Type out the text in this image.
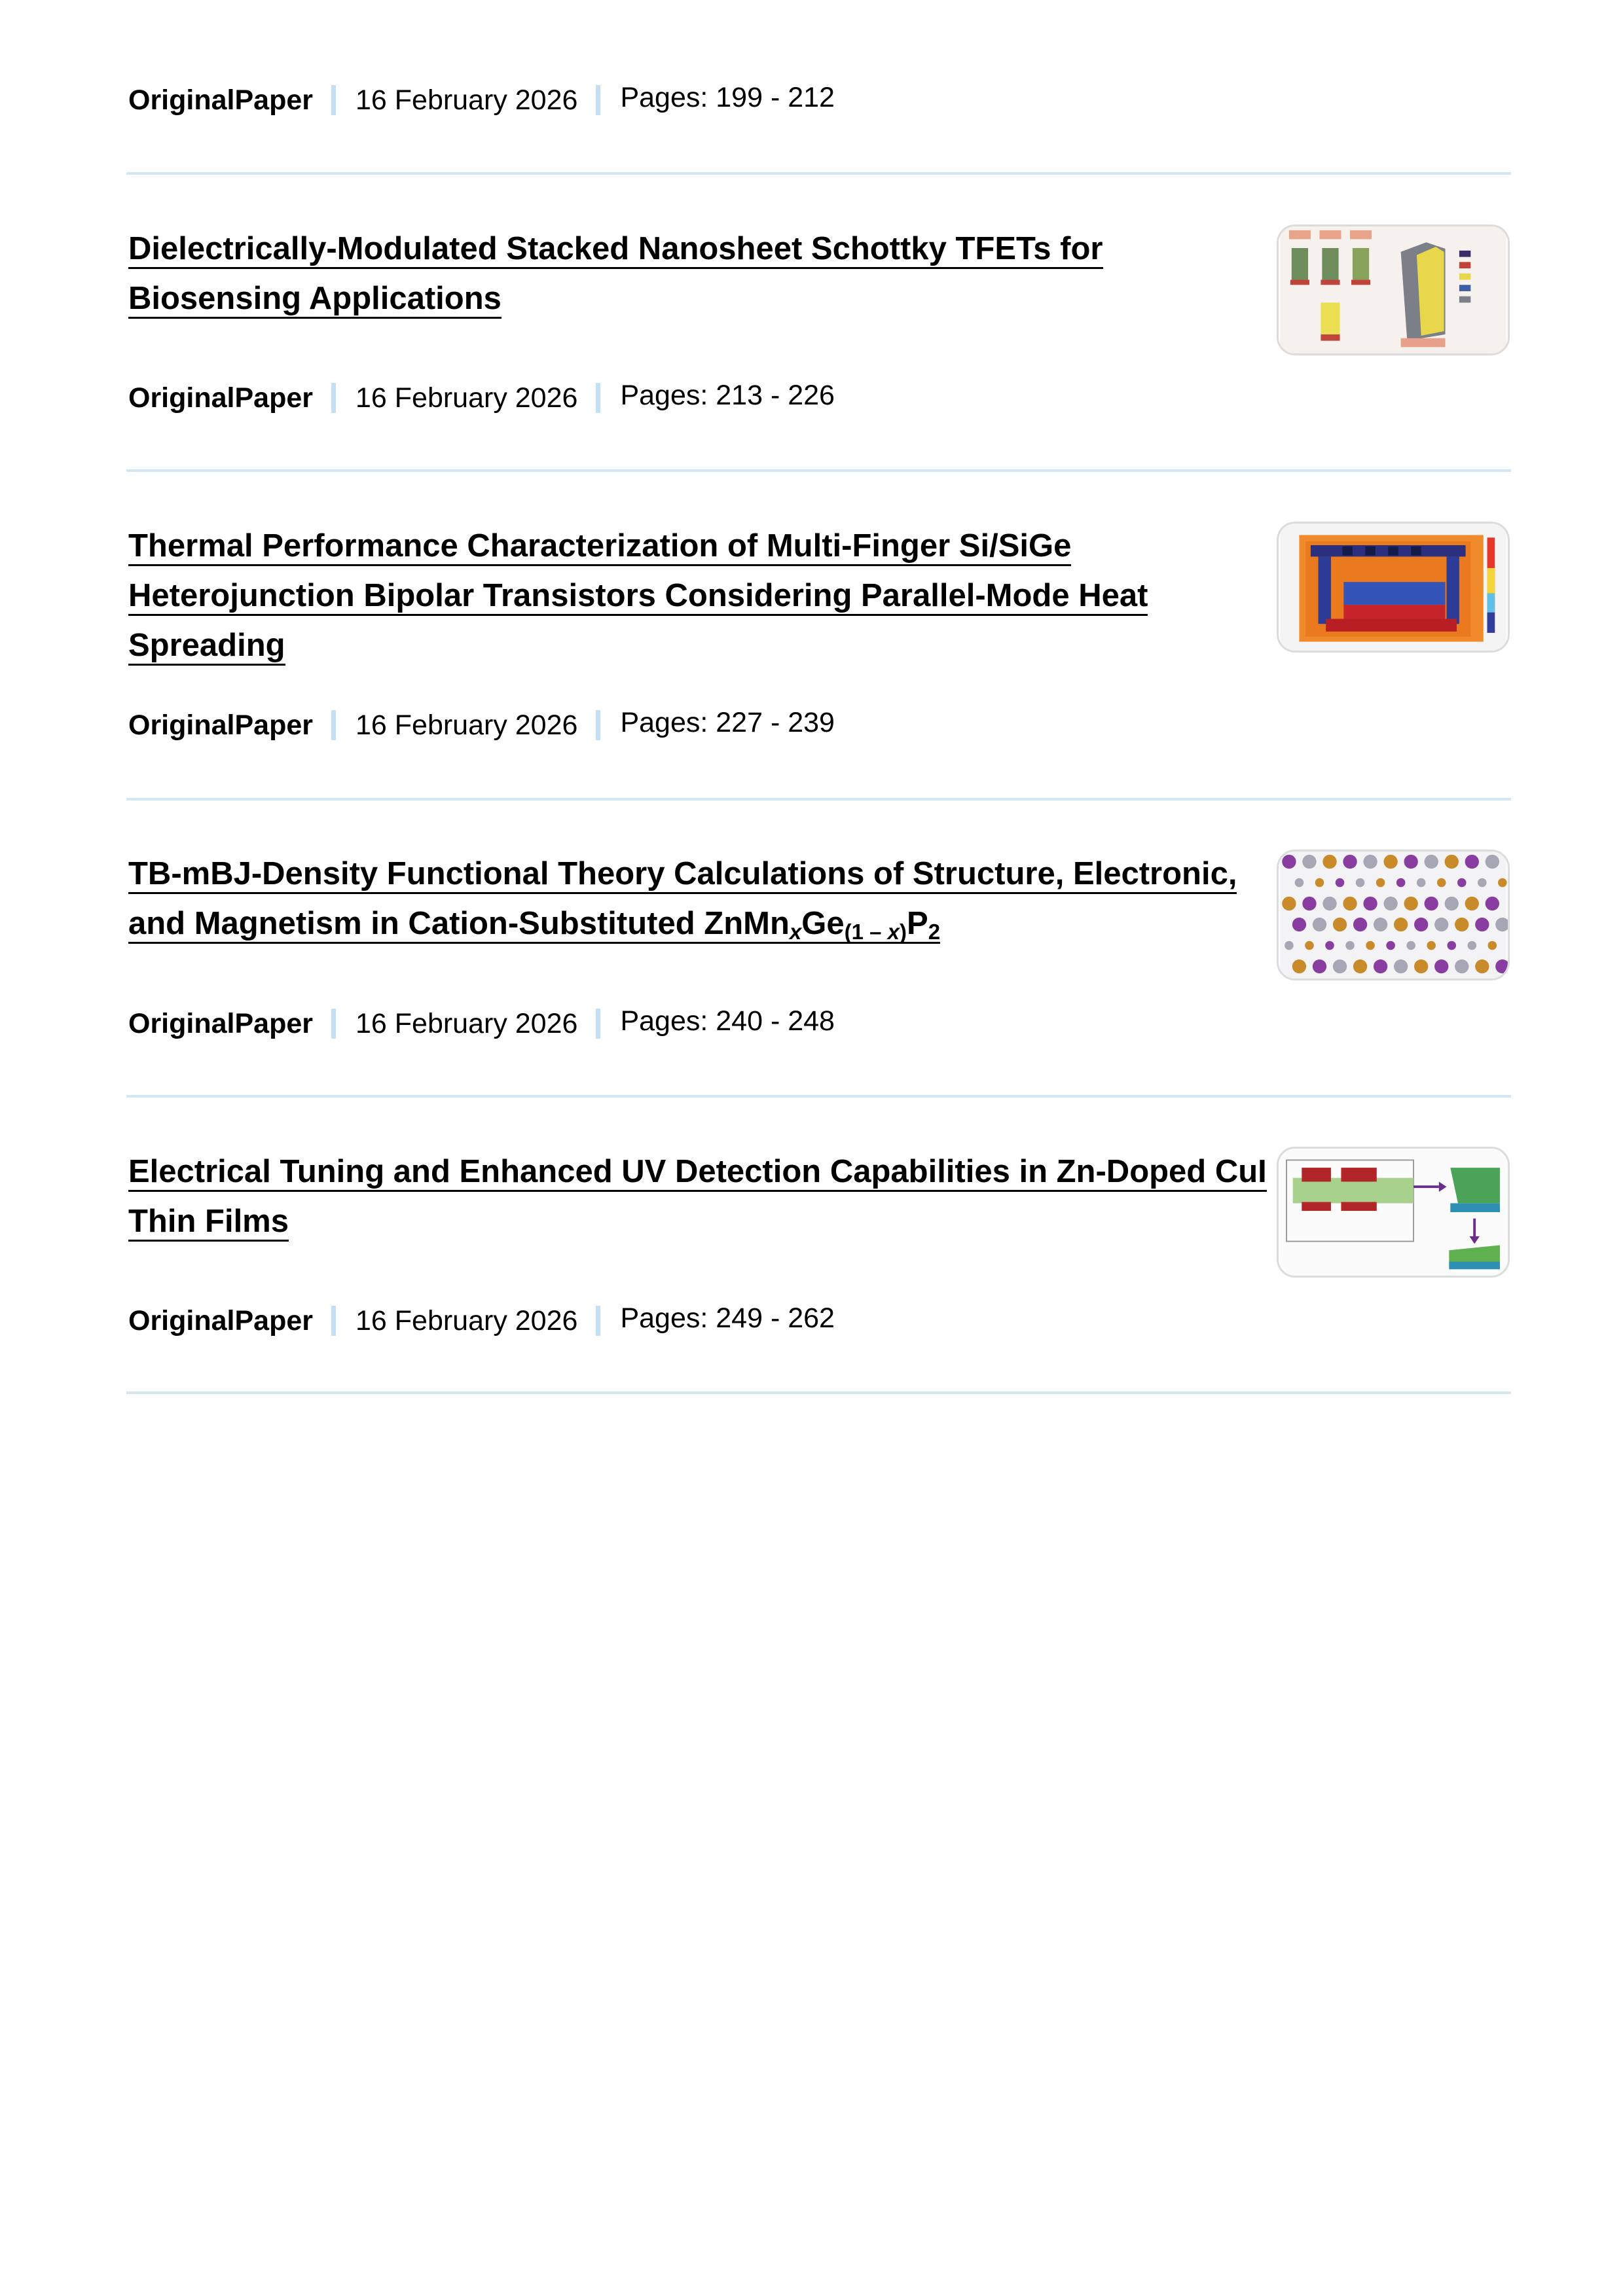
OriginalPaper 16 February 2026 Pages: 199 - 212
Dielectrically-Modulated Stacked Nanosheet Schottky TFETs for Biosensing Applications
OriginalPaper 16 February 2026 Pages: 213 - 226
Thermal Performance Characterization of Multi-Finger Si/SiGe Heterojunction Bipolar Transistors Considering Parallel-Mode Heat Spreading
OriginalPaper 16 February 2026 Pages: 227 - 239
TB-mBJ-Density Functional Theory Calculations of Structure, Electronic,
and Magnetism in Cation-Substituted $ZnMn_xGe_{(1 - x)}P_2$
OriginalPaper 16 February 2026 Pages: 240 - 248
Electrical Tuning and Enhanced UV Detection Capabilities in Zn-Doped CuI Thin Films
OriginalPaper 16 February 2026 Pages: 249 - 262
